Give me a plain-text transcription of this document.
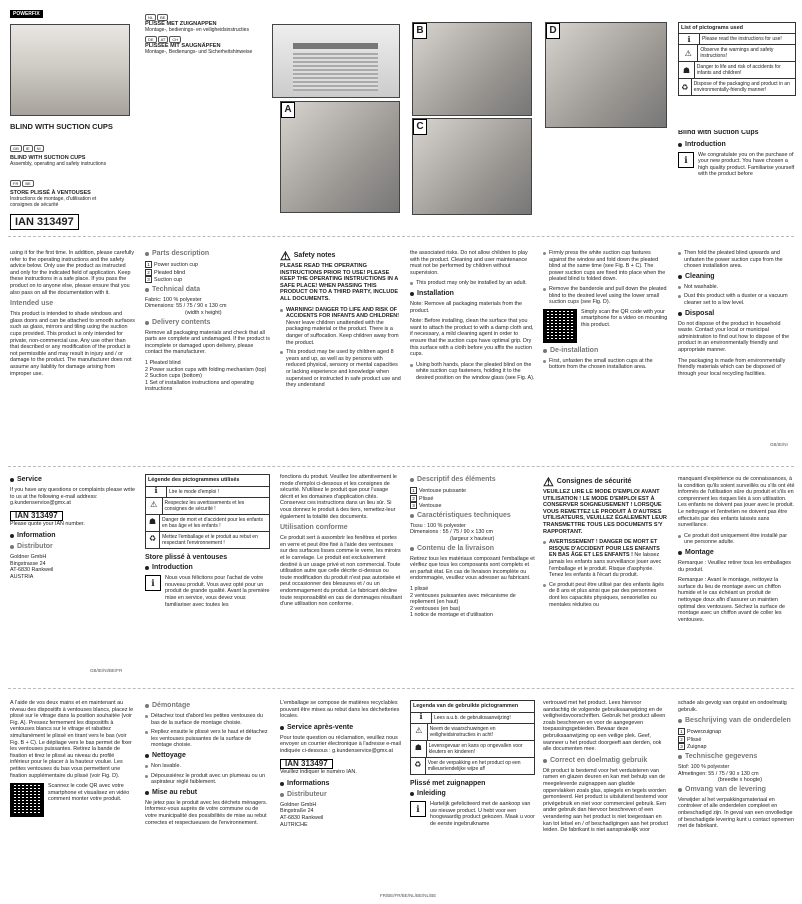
POWERFIX
BLIND WITH SUCTION CUPS
GB IE NI
BLIND WITH SUCTION CUPS
Assembly, operating and safety instructions
FR BE
STORE PLISSÉ À VENTOUSES
Instructions de montage, d'utilisation et consignes de sécurité
IAN 313497
NL BE
PLISSÉ MET ZUIGNAPPEN
Montage-, bedienings- en veiligheidsinstructies
DE AT CH
PLISSEE MIT SAUGNÄPFEN
Montage-, Bedienungs- und Sicherheitshinweise
A
B
C
D	List of pictograms used
ℹ	Please read the instructions for use!
⚠	Observe the warnings and safety instructions!
☗	Danger to life and risk of accidents for infants and children!
♻	Dispose of the packaging and product in an environmentally-friendly manner!
Blind with Suction Cups
Introduction
ℹ	We congratulate you on the purchase of your new product. You have chosen a high quality product. Familiarise yourself with the product before

using it for the first time. In addition, please carefully refer to the operating instructions and the safety advice below. Only use the product as instructed and only for the indicated field of application. Keep these instructions in a safe place. If you pass the product on to anyone else, please ensure that you also pass on all the documentation with it.

Intended use

This product is intended to shade windows and glass doors and can be attached to smooth surfaces such as glass, mirrors and tiling using the suction cups provided. This product is only intended for private, non-commercial use. Any use other than that described or any modification of the product is not permissible and may result in injury and / or damage to the product. The manufacturer does not assume any liability for damage arising from improper use.

Parts description
1 Power suction cup
2 Pleated blind
3 Suction cup
Technical data
Fabric: 100 % polyester
Dimensions: 55 / 75 / 90 x 130 cm
(width x height)
Delivery contents

Remove all packaging materials and check that all parts are complete and undamaged. If the product is incomplete or damaged upon delivery, please contact the manufacturer.

1 Pleated blind
2 Power suction cups with folding mechanism (top)
2 Suction cups (bottom)
1 Set of installation instructions and operating instructions
⚠ Safety notes

PLEASE READ THE OPERATING INSTRUCTIONS PRIOR TO USE! PLEASE KEEP THE OPERATING INSTRUCTIONS IN A SAFE PLACE! WHEN PASSING THIS PRODUCT ON TO A THIRD PARTY, INCLUDE ALL DOCUMENTS.

WARNING! DANGER TO LIFE AND RISK OF ACCIDENTS FOR INFANTS AND CHILDREN! Never leave children unattended with the packaging material or the product. There is a danger of suffocation. Keep children away from the product.
This product may be used by children aged 8 years and up, as well as by persons with reduced physical, sensory or mental capacities or lacking experience and knowledge when supervised or instructed in safe product use and they understand

the associated risks. Do not allow children to play with the product. Cleaning and user maintenance must not be performed by children without supervision.

This product may only be installed by an adult.
Installation

Note: Remove all packaging materials from the product.

Note: Before installing, clean the surface that you want to attach the product to with a damp cloth and, if necessary, a mild cleaning agent in order to ensure that the suction cups have optimal grip. Dry this surface with a cloth before you affix the suction cups.

Using both hands, place the pleated blind on the white suction cup fasteners, holding it to the desired position on the window glass (see Fig. A).
Firmly press the white suction cup fastures against the window and fold down the pleated blind at the same time (see Fig. B + C). The power suction cups are fixed into place when the pleated blind is folded down.
Remove the banderole and pull down the pleated blind to the desired level using the lower small suction cups (see Fig. D).
Simply scan the QR code with your smartphone for a video on mounting this product.
De-installation
First, unfasten the small suction cups at the bottom from the chosen installation area.
Then fold the pleated blind upwards and unfasten the power suction cups from the chosen installation area.
Cleaning
Not washable.
Dust this product with a duster or a vacuum cleaner set to a low level.
Disposal

Do not dispose of the product in household waste. Contact your local or municipal administration to find out how to dispose of the product in an environmentally friendly and appropriate manner.

The packaging is made from environmentally friendly materials which can be disposed of through your local recycling facilities.

GB/IE/NI
Service

If you have any questions or complaints please write to us at the following e-mail address: g.kundenservice@gmx.at

IAN 313497

Please quote your IAN number.

Information
Distributor
Goldner GmbH
Bingstrasse 24
AT-6830 Rankweil
AUSTRIA
Légende des pictogrammes utilisés
ℹ	Lire le mode d'emploi !
⚠	Respectez les avertissements et les consignes de sécurité !
☗	Danger de mort et d'accident pour les enfants en bas âge et les enfants !
♻	Mettez l'emballage et le produit au rebut en respectant l'environnement !
Store plissé à ventouses
Introduction
ℹ	Nous vous félicitons pour l'achat de votre nouveau produit. Vous avez opté pour un produit de grande qualité. Avant la première mise en service, vous devez vous familiariser avec toutes les

fonctions du produit. Veuillez lire attentivement le mode d'emploi ci-dessous et les consignes de sécurité. N'utilisez le produit que pour l'usage décrit et les domaines d'application cités. Conservez ces instructions dans un lieu sûr. Si vous donnez le produit à des tiers, remettez-leur également la totalité des documents.

Utilisation conforme

Ce produit sert à assombrir les fenêtres et portes en verre et peut être fixé à l'aide des ventouses sur des surfaces lisses comme le verre, les miroirs et le carrelage. Le produit est exclusivement destiné à un usage privé et non commercial. Toute utilisation autre que celle décrite ci-dessus ou toute modification du produit n'est pas autorisée et peut occasionner des blessures et / ou un endommagement du produit. Le fabricant décline toute responsabilité en cas de dommages résultant d'une utilisation non conforme.

Descriptif des éléments
1 Ventouse puissante
2 Plissé
3 Ventouse
Caractéristiques techniques
Tissu : 100 % polyester
Dimensions : 55 / 75 / 90 x 130 cm
(largeur x hauteur)
Contenu de la livraison

Retirez tous les matériaux composant l'emballage et vérifiez que tous les composants sont complets et en parfait état. En cas de livraison incomplète ou endommagée, veuillez vous adresser au fabricant.

1 plissé
2 ventouses puissantes avec mécanisme de repliement (en haut)
2 ventouses (en bas)
1 notice de montage et d'utilisation
⚠ Consignes de sécurité

VEUILLEZ LIRE LE MODE D'EMPLOI AVANT UTILISATION ! LE MODE D'EMPLOI EST À CONSERVER SOIGNEUSEMENT ! LORSQUE VOUS REMETTEZ LE PRODUIT À D'AUTRES UTILISATEURS, VEUILLEZ ÉGALEMENT LEUR TRANSMETTRE TOUS LES DOCUMENTS S'Y RAPPORTANT.

AVERTISSEMENT ! DANGER DE MORT ET RISQUE D'ACCIDENT POUR LES ENFANTS EN BAS ÂGE ET LES ENFANTS ! Ne laissez jamais les enfants sans surveillance jouer avec l'emballage et le produit. Risque d'asphyxie. Tenez les enfants à l'écart du produit.
Ce produit peut être utilisé par des enfants âgés de 8 ans et plus ainsi que par des personnes dont les capacités physiques, sensorielles ou mentales réduites ou

manquant d'expérience ou de connaissances, à la condition qu'ils soient surveillés ou s'ils ont été informés de l'utilisation sûre du produit et s'ils en comprennent les risques liés à son utilisation. Les enfants ne doivent pas jouer avec le produit. Le nettoyage et l'entretien ne doivent pas être effectués par des enfants laissés sans surveillance.

Ce produit doit uniquement être installé par une personne adulte.
Montage

Remarque : Veuillez retirer tous les emballages du produit.

Remarque : Avant le montage, nettoyez la surface du lieu de montage avec un chiffon humide et le cas échéant un produit de nettoyage doux afin d'assurer un maintien optimal des ventouses. Séchez la surface de montage avec un chiffon avant de coller les ventouses.

GB/IE/NI/BE/FR

À l'aide de vos deux mains et en maintenant au niveau des dispositifs à ventouses blancs, placez le plissé sur le vitrage dans la position souhaitée (voir Fig. A). Pressez fermement les dispositifs à ventouses blancs sur le vitrage et rabattez simultanément le plissé en tirant vers le bas (voir Fig. B + C). Le dépliage vers le bas permet de fixer les ventouses puissantes. Retirez la bande de fixation et tirez le plissé au niveau du profilé inférieur pour le placer à la hauteur voulue. Les petites ventouses du bas vous permettent une fixation supplémentaire du plissé (voir Fig. D).

Scannez le code QR avec votre smartphone et visualisez en vidéo comment monter votre produit.
Démontage
Détachez tout d'abord les petites ventouses du bas de la surface de montage choisie.
Repliez ensuite le plissé vers le haut et détachez les ventouses puissantes de la surface de montage choisie.
Nettoyage
Non lavable.
Dépoussiérez le produit avec un plumeau ou un aspirateur réglé faiblement.
Mise au rebut

Ne jetez pas le produit avec les déchets ménagers. Informez-vous auprès de votre commune ou de votre municipalité des possibilités de mise au rebut correctes et respectueuses de l'environnement.

L'emballage se compose de matières recyclables pouvant être mises au rebut dans les déchetteries locales.

Service après-vente

Pour toute question ou réclamation, veuillez nous envoyer un courrier électronique à l'adresse e-mail indiquée ci-dessous : g.kundenservice@gmx.at

IAN 313497

Veuillez indiquer le numéro IAN.

Informations
Distributeur
Goldner GmbH
Bingstraße 24
AT-6830 Rankweil
AUTRICHE
Legenda van de gebruikte pictogrammen
ℹ	Lees a.u.b. de gebruiksaanwijzing!
⚠	Neem de waarschuwingen en veiligheidsinstructies in acht!
☗	Levensgevaar en kans op ongevallen voor kleuters en kinderen!
♻	Voer de verpakking en het product op een milieuvriendelijke wijze af!
Plissé met zuignappen
Inleiding
ℹ	Hartelijk gefeliciteerd met de aankoop van uw nieuwe product. U hebt voor een hoogwaardig product gekozen. Maak u voor de eerste ingebruikname

vertrouwd met het product. Lees hiervoor aandachtig de volgende gebruiksaanwijzing en de veiligheidsvoorschriften. Gebruik het product alleen zoals beschreven en voor de aangegeven toepassingsgebieden. Bewaar deze gebruiksaanwijzing op een veilige plek. Geef, wanneer u het product doorgeeft aan derden, ook alle documenten mee.

Correct en doelmatig gebruik

Dit product is bestemd voor het verduisteren van ramen en glazen deuren en kan met behulp van de meegeleverde zuignappen aan gladde oppervlakken zoals glas, spiegels en tegels worden gemonteerd. Het product is uitsluitend bestemd voor privégebruik en niet voor commercieel gebruik. Een ander gebruik dan hiervoor beschreven of een verandering aan het product is niet toegestaan en kan tot letsel en / of beschadigingen aan het product leiden. De fabrikant is niet aansprakelijk voor

schade als gevolg van onjuist en ondoelmatig gebruik.

Beschrijving van de onderdelen
1 Powerzuignap
2 Plissé
3 Zuignap
Technische gegevens
Stof: 100 % polyester
Afmetingen: 55 / 75 / 90 x 130 cm
(breedte x hoogte)
Omvang van de levering

Verwijder al het verpakkingsmateriaal en controleer of alle onderdelen compleet en onbeschadigd zijn. In geval van een onvolledige of beschadigde levering kunt u contact opnemen met de fabrikant.

FR/BE/FR/BE/NL/BE/NL/BE
